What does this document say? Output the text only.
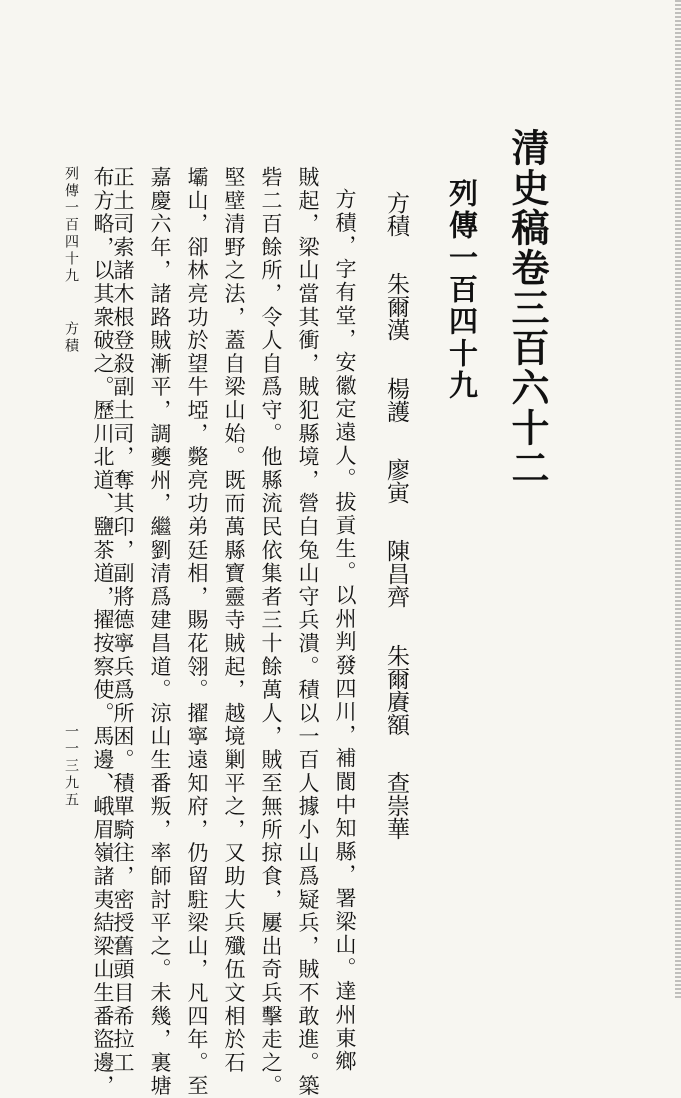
清史稿卷三百六十二
列傳一百四十九
方積 朱爾漢 楊護 廖寅 陳昌齊 朱爾賡額 查崇華
方積，字有堂，安徽定遠人。拔貢生。以州判發四川，補閬中知縣，署梁山。達州東鄉
賊起，梁山當其衝，賊犯縣境，營白兔山守兵潰。積以一百人據小山爲疑兵，賊不敢進。築
砦二百餘所，令人自爲守。他縣流民依集者三十餘萬人，賊至無所掠食，屢出奇兵擊走之。
堅壁清野之法，蓋自梁山始。既而萬縣寶靈寺賊起，越境剿平之，又助大兵殲伍文相於石
壩山，卻林亮功於望牛埡，斃亮功弟廷相，賜花翎。擢寧遠知府，仍留駐梁山，凡四年。至
嘉慶六年，諸路賊漸平，調夔州，繼劉清爲建昌道。涼山生番叛，率師討平之。未幾，裏塘
正土司索諸木根登殺副土司，奪其印，副將德寧兵爲所困。積單騎往，密授舊頭目希拉工
布方略，以其衆破之。歷川北道、鹽茶道，擢按察使。馬邊、峨眉嶺諸夷結梁山生番盜邊，
列傳一百四十九方積
一一三九五
